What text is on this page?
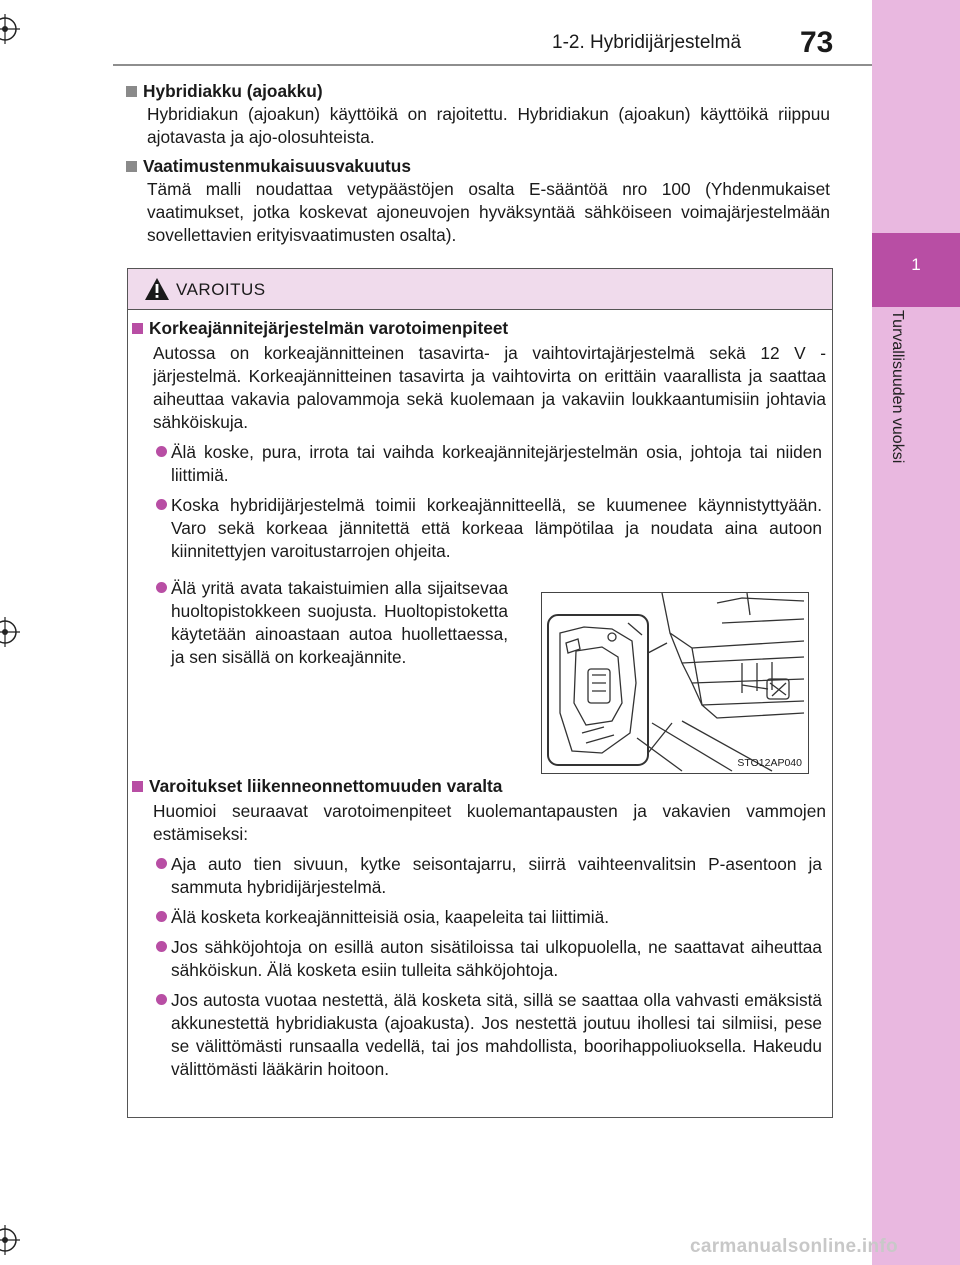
1
Turvallisuuden vuoksi
1-2. Hybridijärjestelmä 73
Hybridiakku (ajoakku)
Hybridiakun (ajoakun) käyttöikä on rajoitettu. Hybridiakun (ajoakun) käyttöikä riippuu ajotavasta ja ajo-olosuhteista.
Vaatimustenmukaisuusvakuutus
Tämä malli noudattaa vetypäästöjen osalta E-sääntöä nro 100 (Yhdenmukaiset vaatimukset, jotka koskevat ajoneuvojen hyväksyntää sähköiseen voimajärjestelmään sovellettavien erityisvaatimusten osalta).
VAROITUS
Korkeajännitejärjestelmän varotoimenpiteet
Autossa on korkeajännitteinen tasavirta- ja vaihtovirtajärjestelmä sekä 12 V -järjestelmä. Korkeajännitteinen tasavirta ja vaihtovirta on erittäin vaarallista ja saattaa aiheuttaa vakavia palovammoja sekä kuolemaan ja vakaviin loukkaantumisiin johtavia sähköiskuja.
Älä koske, pura, irrota tai vaihda korkeajännitejärjestelmän osia, johtoja tai niiden liittimiä.
Koska hybridijärjestelmä toimii korkeajännitteellä, se kuumenee käynnistyttyään. Varo sekä korkeaa jännitettä että korkeaa lämpötilaa ja noudata aina autoon kiinnitettyjen varoitustarrojen ohjeita.
Älä yritä avata takaistuimien alla sijaitsevaa huoltopistokkeen suojusta. Huoltopistoketta käytetään ainoastaan autoa huollettaessa, ja sen sisällä on korkeajännite.
Varoitukset liikenneonnettomuuden varalta
Huomioi seuraavat varotoimenpiteet kuolemantapausten ja vakavien vammojen estämiseksi:
Aja auto tien sivuun, kytke seisontajarru, siirrä vaihteenvalitsin P-asentoon ja sammuta hybridijärjestelmä.
Älä kosketa korkeajännitteisiä osia, kaapeleita tai liittimiä.
Jos sähköjohtoja on esillä auton sisätiloissa tai ulkopuolella, ne saattavat aiheuttaa sähköiskun. Älä kosketa esiin tulleita sähköjohtoja.
Jos autosta vuotaa nestettä, älä kosketa sitä, sillä se saattaa olla vahvasti emäksistä akkunestettä hybridiakusta (ajoakusta). Jos nestettä joutuu ihollesi tai silmiisi, pese se välittömästi runsaalla vedellä, tai jos mahdollista, boorihappoliuoksella. Hakeudu välittömästi lääkärin hoitoon.
STO12AP040
carmanualsonline.info
